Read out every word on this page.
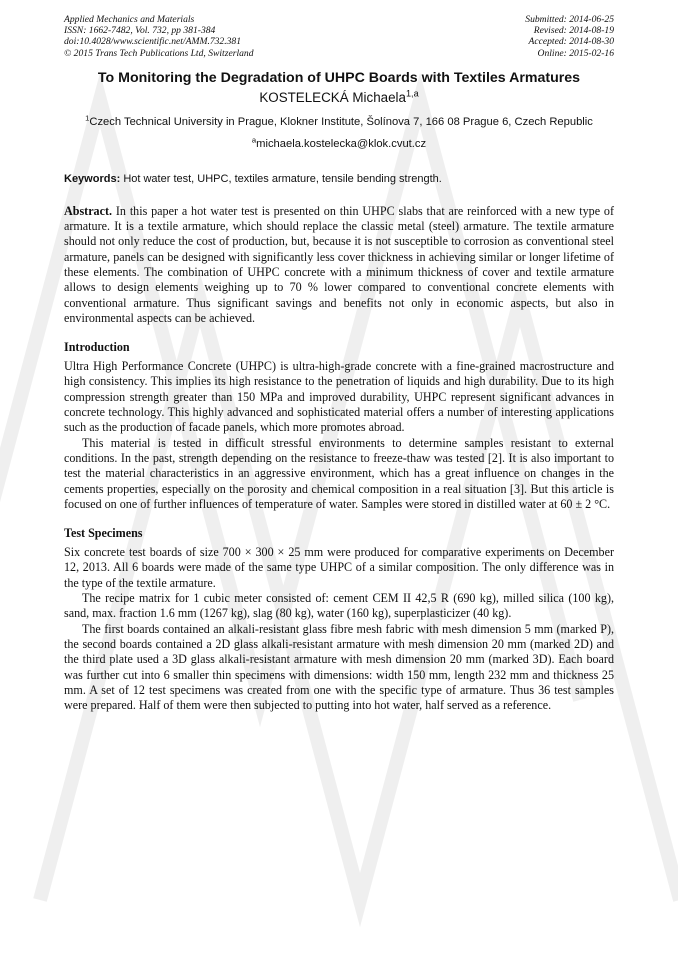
Applied Mechanics and Materials
ISSN: 1662-7482, Vol. 732, pp 381-384
doi:10.4028/www.scientific.net/AMM.732.381
© 2015 Trans Tech Publications Ltd, Switzerland
Submitted: 2014-06-25
Revised: 2014-08-19
Accepted: 2014-08-30
Online: 2015-02-16
To Monitoring the Degradation of UHPC Boards with Textiles Armatures
KOSTELECKÁ Michaela$^{1,a}$
$^1$Czech Technical University in Prague, Klokner Institute, Šolínova 7, 166 08 Prague 6, Czech Republic
$^a$michaela.kostelecka@klok.cvut.cz
Keywords: Hot water test, UHPC, textiles armature, tensile bending strength.

Abstract. In this paper a hot water test is presented on thin UHPC slabs that are reinforced with a new type of armature. It is a textile armature, which should replace the classic metal (steel) armature. The textile armature should not only reduce the cost of production, but, because it is not susceptible to corrosion as conventional steel armature, panels can be designed with significantly less cover thickness in achieving similar or longer lifetime of these elements. The combination of UHPC concrete with a minimum thickness of cover and textile armature allows to design elements weighing up to 70 % lower compared to conventional concrete elements with conventional armature. Thus significant savings and benefits not only in economic aspects, but also in environmental aspects can be achieved.

Introduction

Ultra High Performance Concrete (UHPC) is ultra-high-grade concrete with a fine-grained macrostructure and high consistency. This implies its high resistance to the penetration of liquids and high durability. Due to its high compression strength greater than 150 MPa and improved durability, UHPC represent significant advances in concrete technology. This highly advanced and sophisticated material offers a number of interesting applications such as the production of facade panels, which more promotes abroad.

This material is tested in difficult stressful environments to determine samples resistant to external conditions. In the past, strength depending on the resistance to freeze-thaw was tested [2]. It is also important to test the material characteristics in an aggressive environment, which has a great influence on changes in the cements properties, especially on the porosity and chemical composition in a real situation [3]. But this article is focused on one of further influences of temperature of water. Samples were stored in distilled water at 60 ± 2 °C.

Test Specimens

Six concrete test boards of size 700 × 300 × 25 mm were produced for comparative experiments on December 12, 2013. All 6 boards were made of the same type UHPC of a similar composition. The only difference was in the type of the textile armature.

The recipe matrix for 1 cubic meter consisted of: cement CEM II 42,5 R (690 kg), milled silica (100 kg), sand, max. fraction 1.6 mm (1267 kg), slag (80 kg), water (160 kg), superplasticizer (40 kg).

The first boards contained an alkali-resistant glass fibre mesh fabric with mesh dimension 5 mm (marked P), the second boards contained a 2D glass alkali-resistant armature with mesh dimension 20 mm (marked 2D) and the third plate used a 3D glass alkali-resistant armature with mesh dimension 20 mm (marked 3D). Each board was further cut into 6 smaller thin specimens with dimensions: width 150 mm, length 232 mm and thickness 25 mm. A set of 12 test specimens was created from one with the specific type of armature. Thus 36 test samples were prepared. Half of them were then subjected to putting into hot water, half served as a reference.
